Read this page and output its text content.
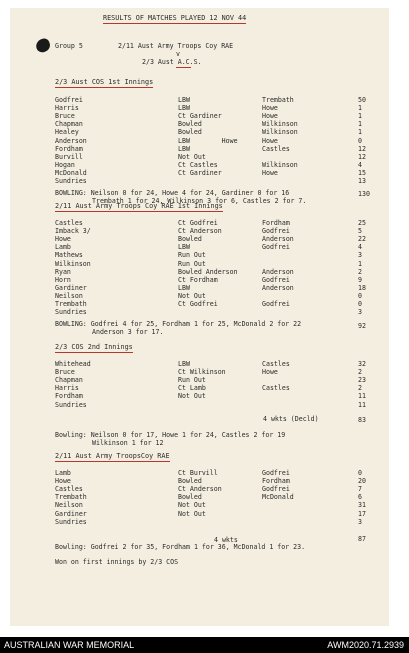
RESULTS OF MATCHES PLAYED 12 NOV 44
Group 5	2/11 Aust Army Troops Coy RAE
v
2/3 Aust A.C.S.
2/3 Aust COS 1st Innings
Godfrei	LBW	Trembath	50
Harris	LBW	Howe	1
Bruce	Ct Gardiner	Howe	1
Chapman	Bowled	Wilkinson	1
Healey	Bowled	Wilkinson	1
Anderson	LBW        Howe	Howe	0
Fordham	LBW	Castles	12
Burvill	Not Out	12
Hogan	Ct Castles	Wilkinson	4
McDonald	Ct Gardiner	Howe	15
Sundries	13
130
BOWLING: Neilson 0 for 24, Howe 4 for 24, Gardiner 0 for 16
Trembath 1 for 24, Wilkinson 3 for 6, Castles 2 for 7.
2/11 Aust Army Troops Coy RAE 1st Innings
Castles	Ct Godfrei	Fordham	25
Imback 3/	Ct Anderson	Godfrei	5
Howe	Bowled	Anderson	22
Lamb	LBW	Godfrei	4
Mathews	Run Out	3
Wilkinson	Run Out	1
Ryan	Bowled Anderson	Anderson	2
Horn	Ct Fordham	Godfrei	9
Gardiner	LBW	Anderson	18
Neilson	Not Out	0
Trembath	Ct Godfrei	Godfrei	0
Sundries	3
92
BOWLING: Godfrei 4 for 25, Fordham 1 for 25, McDonald 2 for 22
Anderson 3 for 17.
2/3 COS 2nd Innings
Whitehead	LBW	Castles	32
Bruce	Ct Wilkinson	Howe	2
Chapman	Run Out	23
Harris	Ct Lamb	Castles	2
Fordham	Not Out	11
Sundries	11
4 wkts (Decld)	83
Bowling: Neilson 0 for 17, Howe 1 for 24, Castles 2 for 19
Wilkinson 1 for 12
2/11 Aust Army TroopsCoy RAE
Lamb	Ct Burvill	Godfrei	0
Howe	Bowled	Fordham	20
Castles	Ct Anderson	Godfrei	7
Trembath	Bowled	McDonald	6
Neilson	Not Out	31
Gardiner	Not Out	17
Sundries	3
4 wkts	87
Bowling: Godfrei 2 for 35, Fordham 1 for 36, McDonald 1 for 23.
Won on first innings by 2/3 COS
AUSTRALIAN WAR MEMORIAL	AWM2020.71.2939
